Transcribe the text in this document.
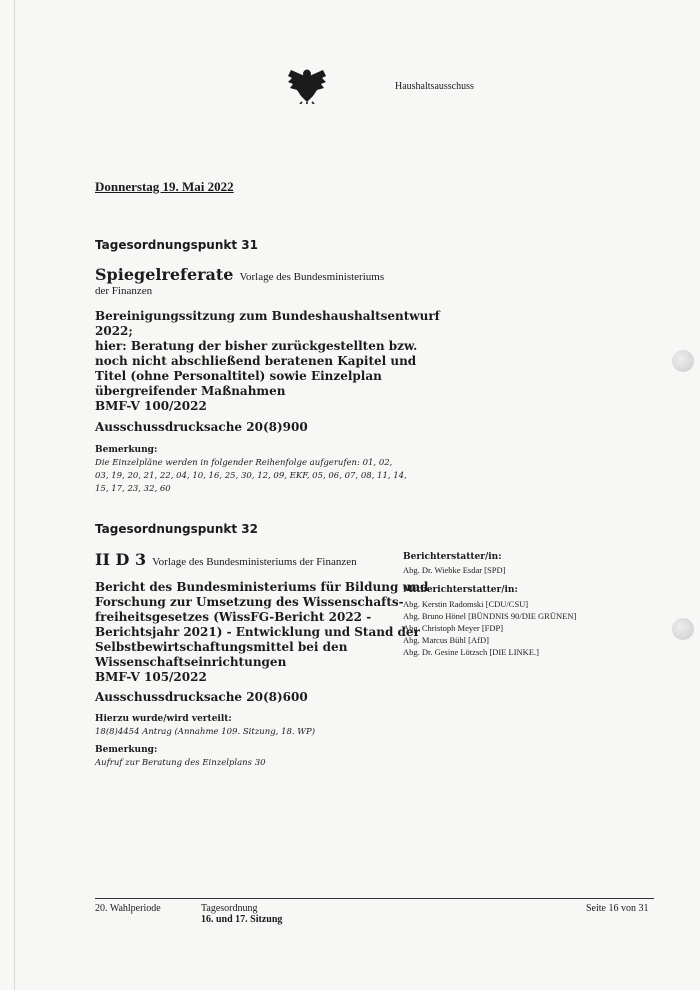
Haushaltsausschuss
Donnerstag 19. Mai 2022
Tagesordnungspunkt 31
Spiegelreferate Vorlage des Bundesministeriums der Finanzen
Bereinigungssitzung zum Bundeshaushaltsentwurf
2022;
hier: Beratung der bisher zurückgestellten bzw.
noch nicht abschließend beratenen Kapitel und
Titel (ohne Personaltitel) sowie Einzelplan
übergreifender Maßnahmen
BMF-V 100/2022
Ausschussdrucksache 20(8)900
Bemerkung:
Die Einzelpläne werden in folgender Reihenfolge aufgerufen: 01, 02,
03, 19, 20, 21, 22, 04, 10, 16, 25, 30, 12, 09, EKF, 05, 06, 07, 08, 11, 14,
15, 17, 23, 32, 60
Tagesordnungspunkt 32
II D 3 Vorlage des Bundesministeriums der Finanzen
Bericht des Bundesministeriums für Bildung und
Forschung zur Umsetzung des Wissenschafts-
freiheitsgesetzes (WissFG-Bericht 2022 -
Berichtsjahr 2021) - Entwicklung und Stand der
Selbstbewirtschaftungsmittel bei den
Wissenschaftseinrichtungen
BMF-V 105/2022
Ausschussdrucksache 20(8)600
Hierzu wurde/wird verteilt:
18(8)4454 Antrag (Annahme 109. Sitzung, 18. WP)
Bemerkung:
Aufruf zur Beratung des Einzelplans 30
Berichterstatter/in:
Abg. Dr. Wiebke Esdar [SPD]
Mitberichterstatter/in:
Abg. Kerstin Radomski [CDU/CSU]
Abg. Bruno Hönel [BÜNDNIS 90/DIE GRÜNEN]
Abg. Christoph Meyer [FDP]
Abg. Marcus Bühl [AfD]
Abg. Dr. Gesine Lötzsch [DIE LINKE.]
20. Wahlperiode	Tagesordnung
16. und 17. Sitzung
Seite 16 von 31
